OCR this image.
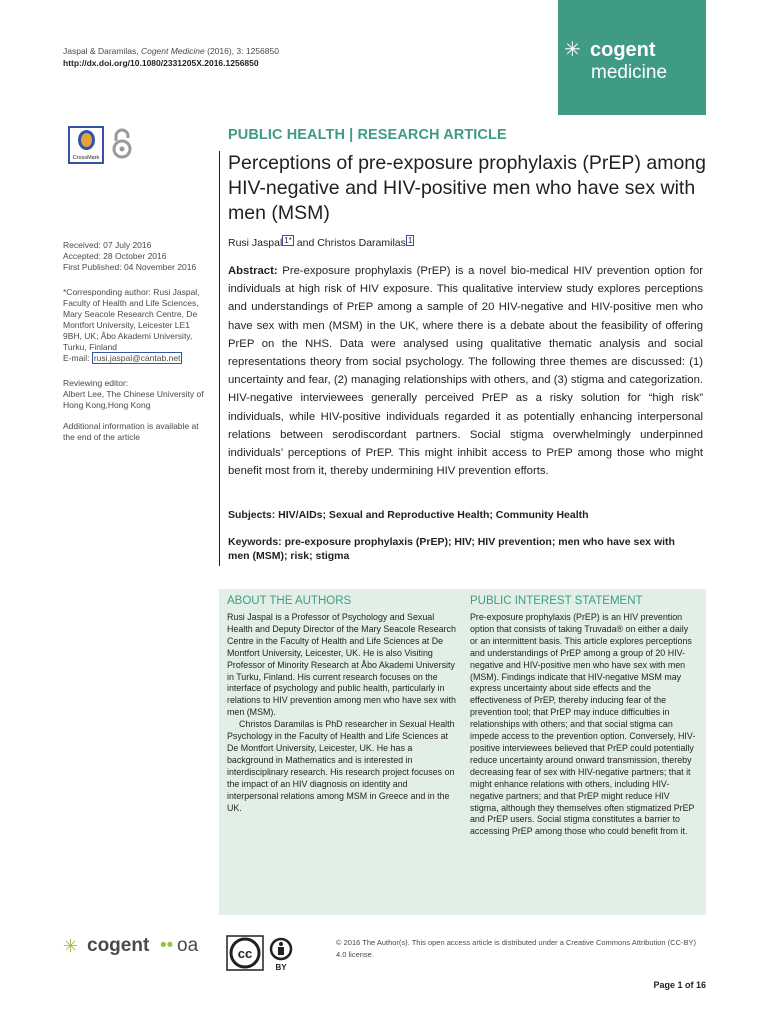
Jaspal & Daramilas, Cogent Medicine (2016), 3: 1256850
http://dx.doi.org/10.1080/2331205X.2016.1256850
✳ cogent
medicine
CrossMark

Received: 07 July 2016

Accepted: 28 October 2016

First Published: 04 November 2016

*Corresponding author: Rusi Jaspal, Faculty of Health and Life Sciences, Mary Seacole Research Centre, De Montfort University, Leicester LE1 9BH, UK; Åbo Akademi University, Turku, Finland

E-mail: rusi.jaspal@cantab.net

Reviewing editor:

Albert Lee, The Chinese University of Hong Kong,Hong Kong

Additional information is available at the end of the article

PUBLIC HEALTH | RESEARCH ARTICLE
Perceptions of pre-exposure prophylaxis (PrEP) among HIV-negative and HIV-positive men who have sex with men (MSM)
Rusi Jaspal $^{1*}$ and Christos Daramilas $^1$

Abstract: Pre-exposure prophylaxis (PrEP) is a novel bio-medical HIV prevention option for individuals at high risk of HIV exposure. This qualitative interview study explores perceptions and understandings of PrEP among a sample of 20 HIV-negative and HIV-positive men who have sex with men (MSM) in the UK, where there is a debate about the feasibility of offering PrEP on the NHS. Data were analysed using qualitative thematic analysis and social representations theory from social psychology. The following three themes are discussed: (1) uncertainty and fear, (2) managing relationships with others, and (3) stigma and categorization. HIV-negative interviewees generally perceived PrEP as a risky solution for “high risk” individuals, while HIV-positive individuals regarded it as potentially enhancing interpersonal relations between serodiscordant partners. Social stigma overwhelmingly underpinned individuals’ perceptions of PrEP. This might inhibit access to PrEP among those who might benefit most from it, thereby undermining HIV prevention efforts.

Subjects: HIV/AIDs; Sexual and Reproductive Health; Community Health
Keywords: pre-exposure prophylaxis (PrEP); HIV; HIV prevention; men who have sex with men (MSM); risk; stigma
ABOUT THE AUTHORS

Rusi Jaspal is a Professor of Psychology and Sexual Health and Deputy Director of the Mary Seacole Research Centre in the Faculty of Health and Life Sciences at De Montfort University, Leicester, UK. He is also Visiting Professor of Minority Research at Åbo Akademi University in Turku, Finland. His current research focuses on the interface of psychology and public health, particularly in relations to HIV prevention among men who have sex with men (MSM).

Christos Daramilas is PhD researcher in Sexual Health Psychology in the Faculty of Health and Life Sciences at De Montfort University, Leicester, UK. He has a background in Mathematics and is interested in interdisciplinary research. His research project focuses on the impact of an HIV diagnosis on identity and interpersonal relations among MSM in Greece and in the UK.

PUBLIC INTEREST STATEMENT

Pre-exposure prophylaxis (PrEP) is an HIV prevention option that consists of taking Truvada® on either a daily or an intermittent basis. This article explores perceptions and understandings of PrEP among a group of 20 HIV-negative and HIV-positive men who have sex with men (MSM). Findings indicate that HIV-negative MSM may express uncertainty about side effects and the effectiveness of PrEP, thereby inducing fear of the prevention tool; that PrEP may induce difficulties in relationships with others; and that social stigma can impede access to the prevention option. Conversely, HIV-positive interviewees believed that PrEP could potentially reduce uncertainty around onward transmission, thereby decreasing fear of sex with HIV-negative partners; that it might enhance relations with others, including HIV-negative partners; and that PrEP might reduce HIV stigma, although they themselves often stigmatized PrEP and PrEP users. Social stigma constitutes a barrier to accessing PrEP among those who could benefit from it.

✳ cogent •• oa	cc
BY
© 2016 The Author(s). This open access article is distributed under a Creative Commons Attribution (CC-BY) 4.0 license.
Page 1 of 16
